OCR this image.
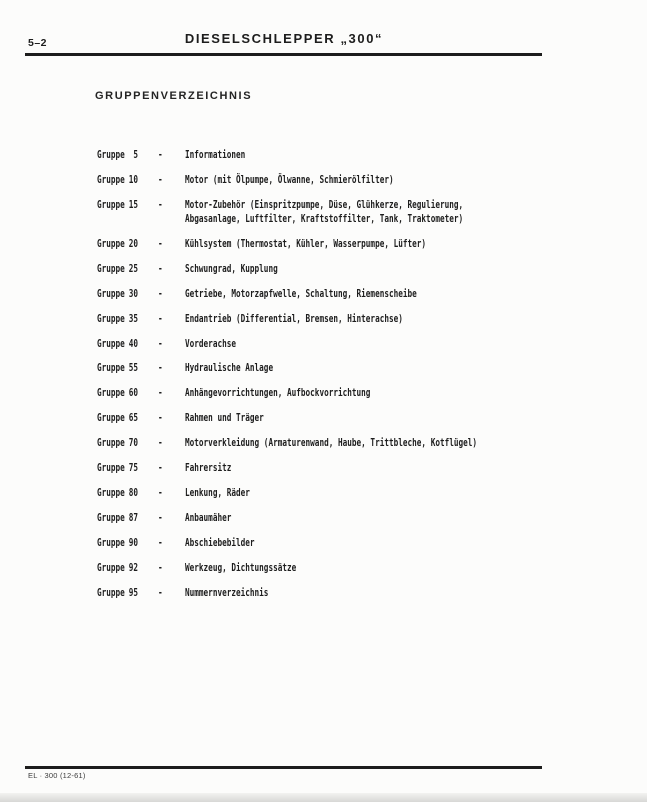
5–2	DIESELSCHLEPPER „300“
GRUPPENVERZEICHNIS
Gruppe 5 - Informationen
Gruppe 10 - Motor (mit Ölpumpe, Ölwanne, Schmierölfilter)
Gruppe 15 - Motor-Zubehör (Einspritzpumpe, Düse, Glühkerze, Regulierung,
Abgasanlage, Luftfilter, Kraftstoffilter, Tank, Traktometer)
Gruppe 20 - Kühlsystem (Thermostat, Kühler, Wasserpumpe, Lüfter)
Gruppe 25 - Schwungrad, Kupplung
Gruppe 30 - Getriebe, Motorzapfwelle, Schaltung, Riemenscheibe
Gruppe 35 - Endantrieb (Differential, Bremsen, Hinterachse)
Gruppe 40 - Vorderachse
Gruppe 55 - Hydraulische Anlage
Gruppe 60 - Anhängevorrichtungen, Aufbockvorrichtung
Gruppe 65 - Rahmen und Träger
Gruppe 70 - Motorverkleidung (Armaturenwand, Haube, Trittbleche, Kotflügel)
Gruppe 75 - Fahrersitz
Gruppe 80 - Lenkung, Räder
Gruppe 87 - Anbaumäher
Gruppe 90 - Abschiebebilder
Gruppe 92 - Werkzeug, Dichtungssätze
Gruppe 95 - Nummernverzeichnis
EL · 300 (12-61)
